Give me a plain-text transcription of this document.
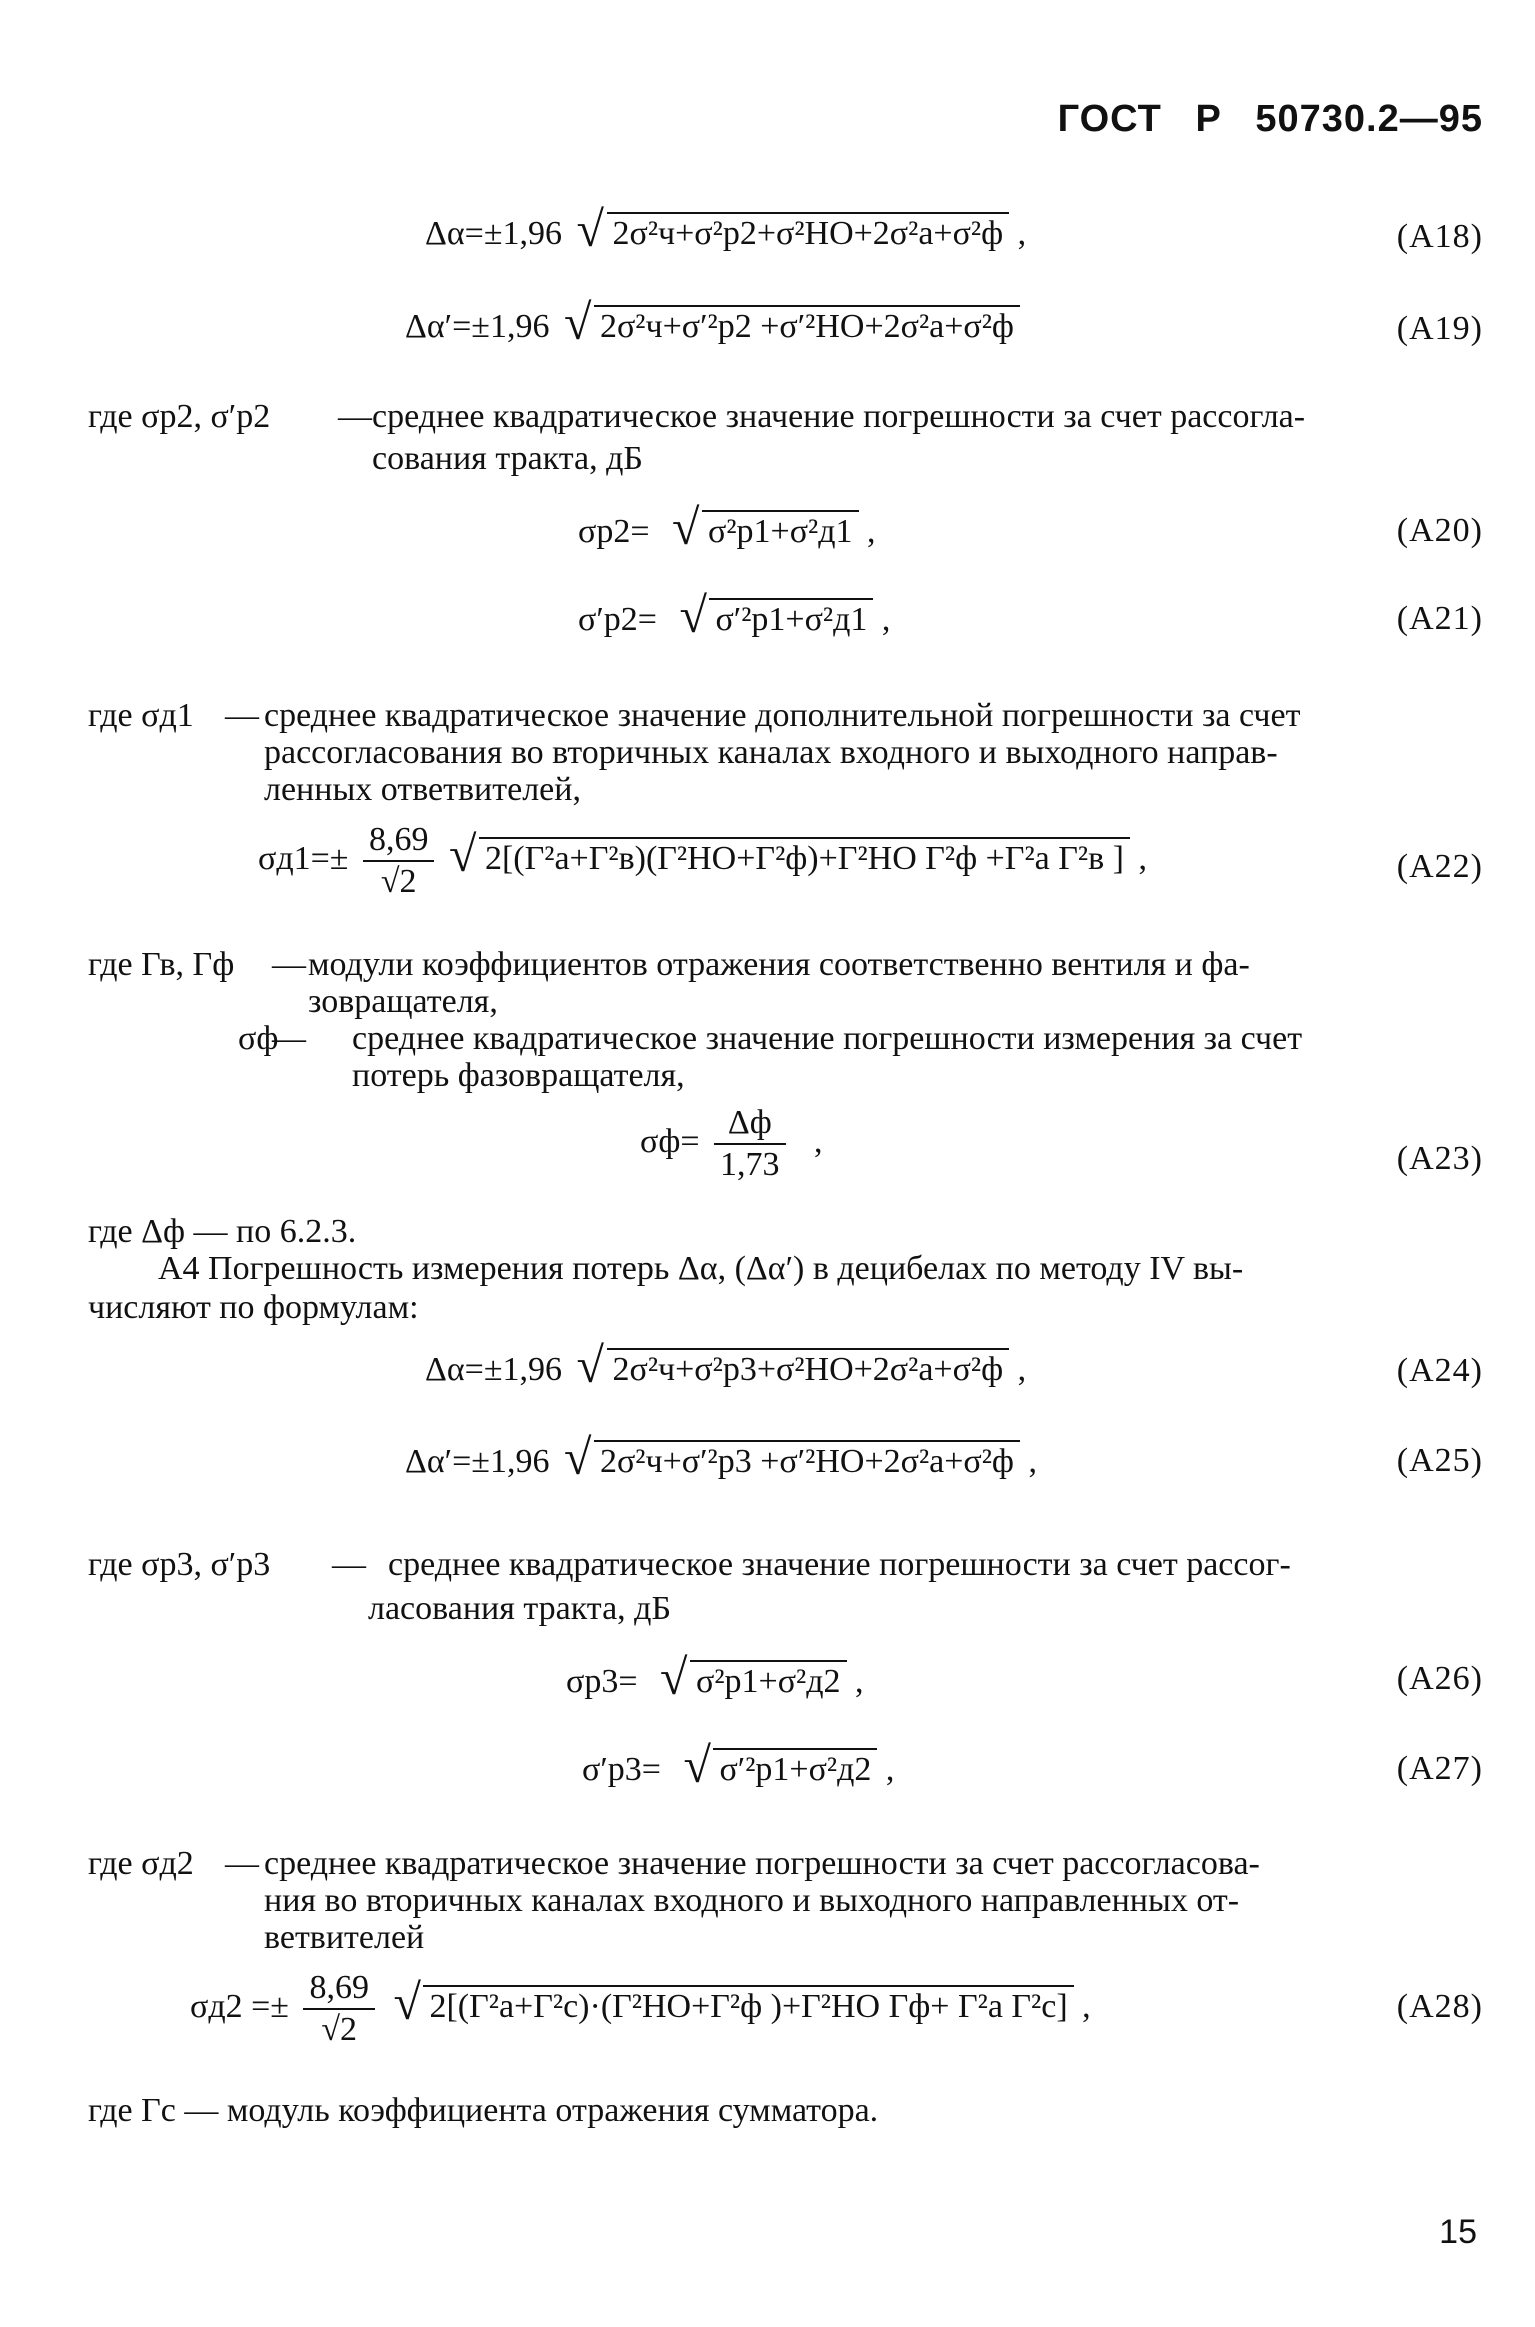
ГОСТ Р 50730.2—95
Δα=±1,96 √ 2σ²ч+σ²р2+σ²НО+2σ²а+σ²ф ,	(А18)
Δα′=±1,96 √ 2σ²ч+σ′²р2 +σ′²НО+2σ²а+σ²ф	(А19)
где σр2, σ′р2 — среднее квадратическое значение погрешности за счет рассогла-
сования тракта, дБ
σр2= √ σ²р1+σ²д1 ,	(А20)
σ′р2= √ σ′²р1+σ²д1 ,	(А21)
где σд1 — среднее квадратическое значение дополнительной погрешности за счет
рассогласования во вторичных каналах входного и выходного направ-
ленных ответвителей,
$\sigma д1=\pm \frac{8,69}{√2}$ √ 2[(Г²а+Г²в)(Г²НО+Г²ф)+Г²НО Г²ф +Г²а Г²в ] ,	(А22)
где Гв, Гф — модули коэффициентов отражения соответственно вентиля и фа-
зовращателя,
σф
— среднее квадратическое значение погрешности измерения за счет
потерь фазовращателя,
$\sigma ф= \frac{\Delta ф}{1,73}$ ,	(А23)
где Δф — по 6.2.3.
А4 Погрешность измерения потерь Δα, (Δα′) в децибелах по методу IV вы-
числяют по формулам:
Δα=±1,96 √ 2σ²ч+σ²р3+σ²НО+2σ²а+σ²ф ,	(А24)
Δα′=±1,96 √ 2σ²ч+σ′²р3 +σ′²НО+2σ²а+σ²ф ,	(А25)
где σр3, σ′р3 — среднее квадратическое значение погрешности за счет рассог-
ласования тракта, дБ
σр3= √ σ²р1+σ²д2 ,	(А26)
σ′р3= √ σ′²р1+σ²д2 ,	(А27)
где σд2 — среднее квадратическое значение погрешности за счет рассогласова-
ния во вторичных каналах входного и выходного направленных от-
ветвителей
$\sigma д2 =\pm \frac{8,69}{√2}$ √ 2[(Г²а+Г²с)·(Г²НО+Г²ф )+Г²НО Гф+ Г²а Г²с] ,	(А28)
где Гс — модуль коэффициента отражения сумматора.
15
